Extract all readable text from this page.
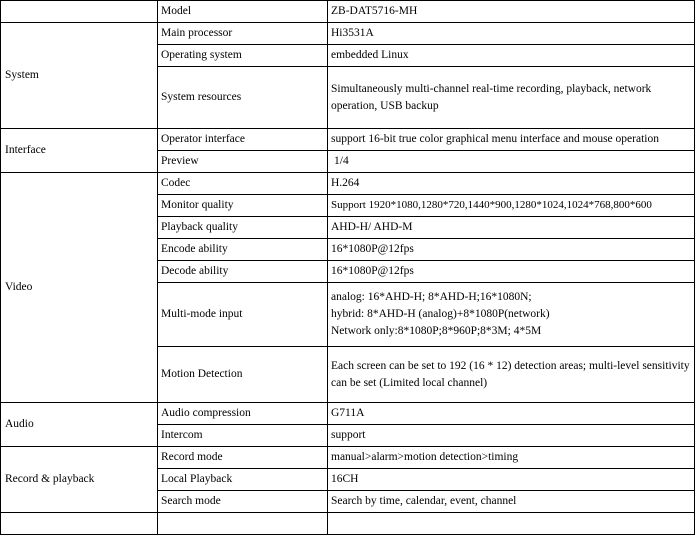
	Model	ZB-DAT5716-MH
System	Main processor	Hi3531A
	Operating system	embedded Linux
	System resources	Simultaneously multi-channel real-time recording, playback, network operation, USB backup
Interface	Operator interface	support 16-bit true color graphical menu interface and mouse operation
	Preview	1/4
Video	Codec	H.264
	Monitor quality	Support 1920*1080,1280*720,1440*900,1280*1024,1024*768,800*600
	Playback quality	AHD-H/ AHD-M
	Encode ability	16*1080P@12fps
	Decode ability	16*1080P@12fps
	Multi-mode input	analog: 16*AHD-H; 8*AHD-H;16*1080N;
hybrid: 8*AHD-H (analog)+8*1080P(network)
Network only:8*1080P;8*960P;8*3M; 4*5M

	Motion Detection	Each screen can be set to 192 (16 * 12) detection areas; multi-level sensitivity can be set (Limited local channel)
Audio	Audio compression	G711A
	Intercom	support
Record & playback	Record mode	manual>alarm>motion detection>timing
	Local Playback	16CH
	Search mode	Search by time, calendar, event, channel
